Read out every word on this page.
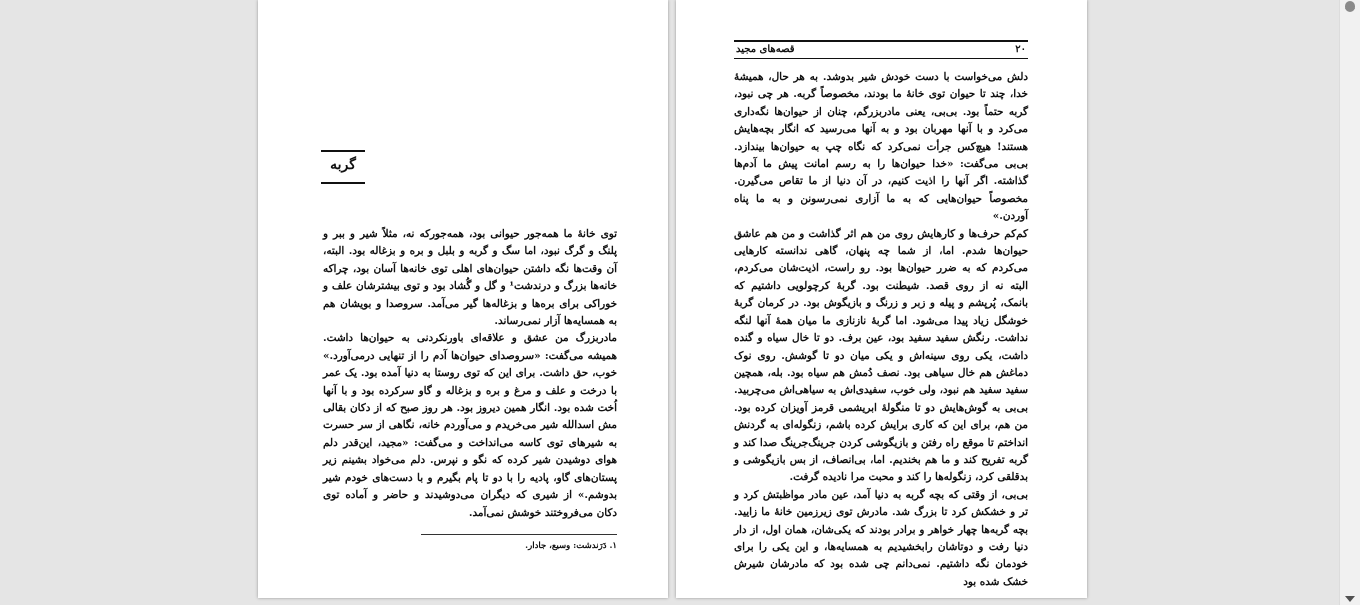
گربه

توی خانهٔ ما همه‌جور حیوانی بود، همه‌جورکه نه، مثلاً شیر و ببر و پلنگ و گرگ نبود، اما سگ و گربه و بلبل و بره و بزغاله بود. البته، آن وقت‌ها نگه داشتن حیوان‌های اهلی توی خانه‌ها آسان بود، چراکه خانه‌ها بزرگ و درندشت¹ و گل و گُشاد بود و توی بیشترشان علف و خوراکی برای بره‌ها و بزغاله‌ها گیر می‌آمد. سروصدا و بویشان هم به همسایه‌ها آزار نمی‌رساند.

مادربزرگ من عشق و علاقه‌ای باورنکردنی به حیوان‌ها داشت. همیشه می‌گفت: «سروصدای حیوان‌ها آدم را از تنهایی درمی‌آورد.» خوب، حق داشت. برای این که توی روستا به دنیا آمده بود. یک عمر با درخت و علف و مرغ و بره و بزغاله و گاو سرکرده بود و با آنها اُخت شده بود. انگار همین دیروز بود. هر روز صبح که از دکان بقالی مش اسدالله شیر می‌خریدم و می‌آوردم خانه، نگاهی از سر حسرت به شیرهای توی کاسه می‌انداخت و می‌گفت: «مجید، این‌قدر دلم هوای دوشیدن شیر کرده که نگو و نپرس. دلم می‌خواد بشینم زیر پستان‌های گاو، پادیه را با دو تا پام بگیرم و با دست‌های خودم شیر بدوشم.» از شیری که دیگران می‌دوشیدند و حاضر و آماده توی دکان می‌فروختند خوشش نمی‌آمد.

۱. دَرَندشت: وسیع، جادار.
۲۰
قصه‌های مجید

دلش می‌خواست با دست خودش شیر بدوشد. به هر حال، همیشهٔ خدا، چند تا حیوان توی خانهٔ ما بودند، مخصوصاً گربه. هر چی نبود، گربه حتماً بود. بی‌بی، یعنی مادربزرگم، چنان از حیوان‌ها نگه‌داری می‌کرد و با آنها مهربان بود و به آنها می‌رسید که انگار بچه‌هایش هستند! هیچ‌کس جرأت نمی‌کرد که نگاه چپ به حیوان‌ها بیندازد. بی‌بی می‌گفت: «خدا حیوان‌ها را به رسم امانت پیش ما آدم‌ها گذاشته. اگر آنها را اذیت کنیم، در آن دنیا از ما تقاص می‌گیرن. مخصوصاً حیوان‌هایی که به ما آزاری نمی‌رسونن و به ما پناه آوردن.»

کم‌کم حرف‌ها و کارهایش روی من هم اثر گذاشت و من هم عاشق حیوان‌ها شدم. اما، از شما چه پنهان، گاهی ندانسته کارهایی می‌کردم که به ضرر حیوان‌ها بود. رو راست، اذیت‌شان می‌کردم، البته نه از روی قصد. شیطنت بود. گربهٔ کرچولویی داشتیم که بانمک، پُرپشم و پیله و زبر و زرنگ و بازیگوش بود. در کرمان گربهٔ خوشگل زیاد پیدا می‌شود. اما گربهٔ نازنازی ما میان همهٔ آنها لنگه نداشت. رنگش سفید سفید بود، عین برف. دو تا خال سیاه و گنده داشت، یکی روی سینه‌اش و یکی میان دو تا گوشش. روی نوک دماغش هم خال سیاهی بود. نصف دُمش هم سیاه بود. بله، همچین سفید سفید هم نبود، ولی خوب، سفیدی‌اش به سیاهی‌اش می‌چربید. بی‌بی به گوش‌هایش دو تا منگولهٔ ابریشمی قرمز آویزان کرده بود. من هم، برای این که کاری برایش کرده باشم، زنگوله‌ای به گردنش انداختم تا موقع راه رفتن و بازیگوشی کردن جرینگ‌جرینگ صدا کند و گربه تفریح کند و ما هم بخندیم. اما، بی‌انصاف، از بس بازیگوشی و بدقلقی کرد، زنگوله‌ها را کند و محبت مرا نادیده گرفت.

بی‌بی، از وقتی که بچه گربه به دنیا آمد، عین مادر مواظبتش کرد و تر و خشکش کرد تا بزرگ شد. مادرش توی زیرزمین خانهٔ ما زایید. بچه گربه‌ها چهار خواهر و برادر بودند که یکی‌شان، همان اول، از دار دنیا رفت و دوتاشان رابخشیدیم به همسایه‌ها، و این یکی را برای خودمان نگه داشتیم. نمی‌دانم چی شده بود که مادرشان شیرش خشک شده بود
